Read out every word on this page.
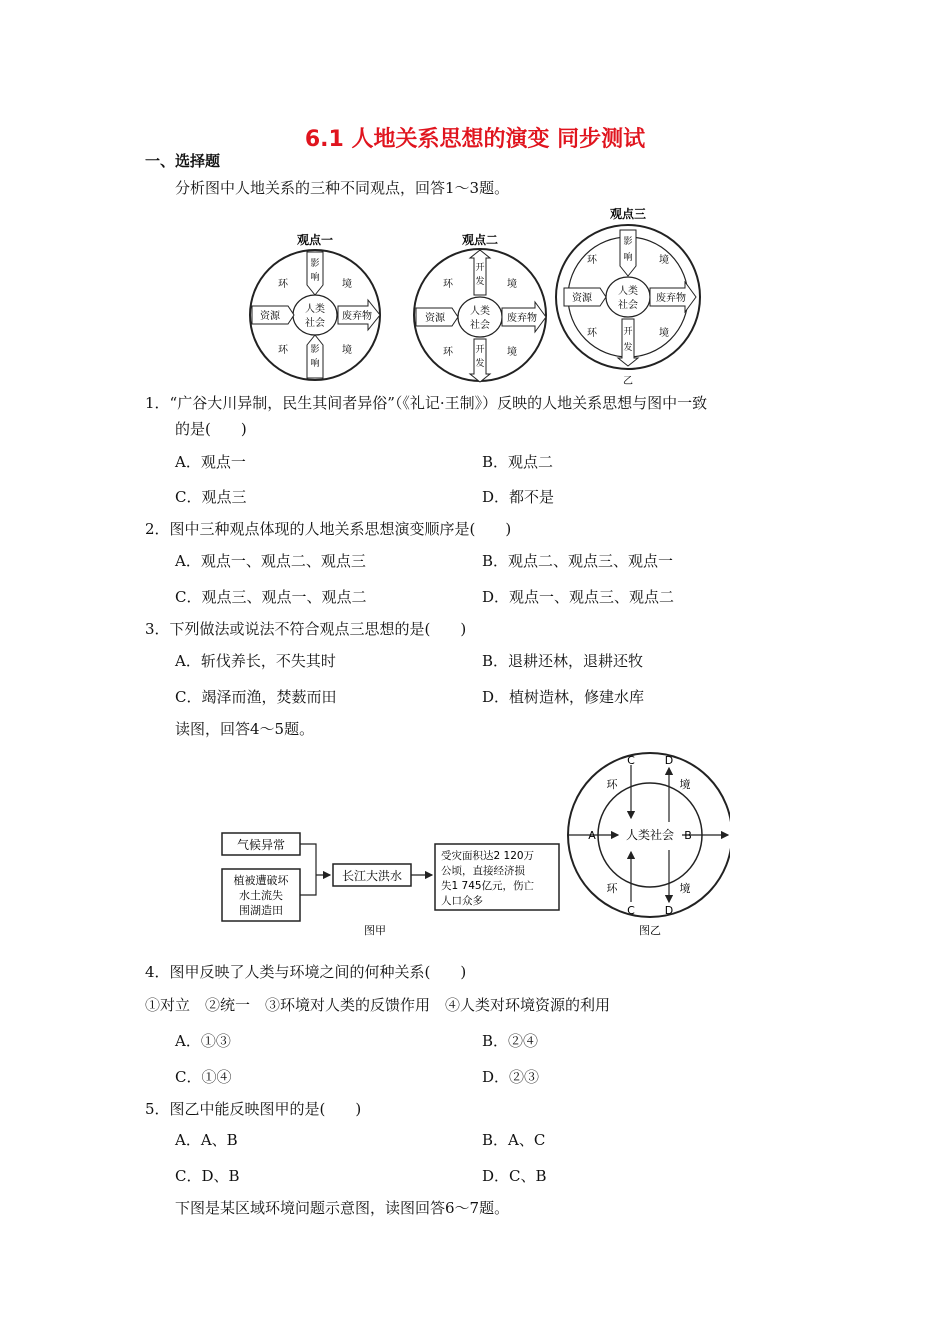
6.1 人地关系思想的演变 同步测试
一、选择题
分析图中人地关系的三种不同观点，回答1～3题。
观点一
人类
社会
影
响
影
响
资源	废弃物
环	境
环	境
观点二
人类
社会
开
发
开
发
资源	废弃物
环	境
环	境
观点三
人类
社会
影
响
开
发
资源	废弃物
环	境
环	境
乙
1．“广谷大川异制，民生其间者异俗”（《礼记·王制》）反映的人地关系思想与图中一致
的是(　　)
A．观点一	B．观点二
C．观点三	D．都不是
2．图中三种观点体现的人地关系思想演变顺序是(　　)
A．观点一、观点二、观点三	B．观点二、观点三、观点一
C．观点三、观点一、观点二	D．观点一、观点三、观点二
3．下列做法或说法不符合观点三思想的是(　　)
A．斩伐养长，不失其时	B．退耕还林，退耕还牧
C．竭泽而渔，焚薮而田	D．植树造林，修建水库
读图，回答4～5题。
气候异常
植被遭破坏
水土流失
围湖造田
长江大洪水
受灾面积达2 120万
公顷，直接经济损
失1 745亿元，伤亡
人口众多
图甲
人类社会
C	D
C	D
A	B
环	境
环	境
图乙
4．图甲反映了人类与环境之间的何种关系(　　)
①对立　②统一　③环境对人类的反馈作用　④人类对环境资源的利用
A．①③	B．②④
C．①④	D．②③
5．图乙中能反映图甲的是(　　)
A．A、B	B．A、C
C．D、B	D．C、B
下图是某区域环境问题示意图，读图回答6～7题。
